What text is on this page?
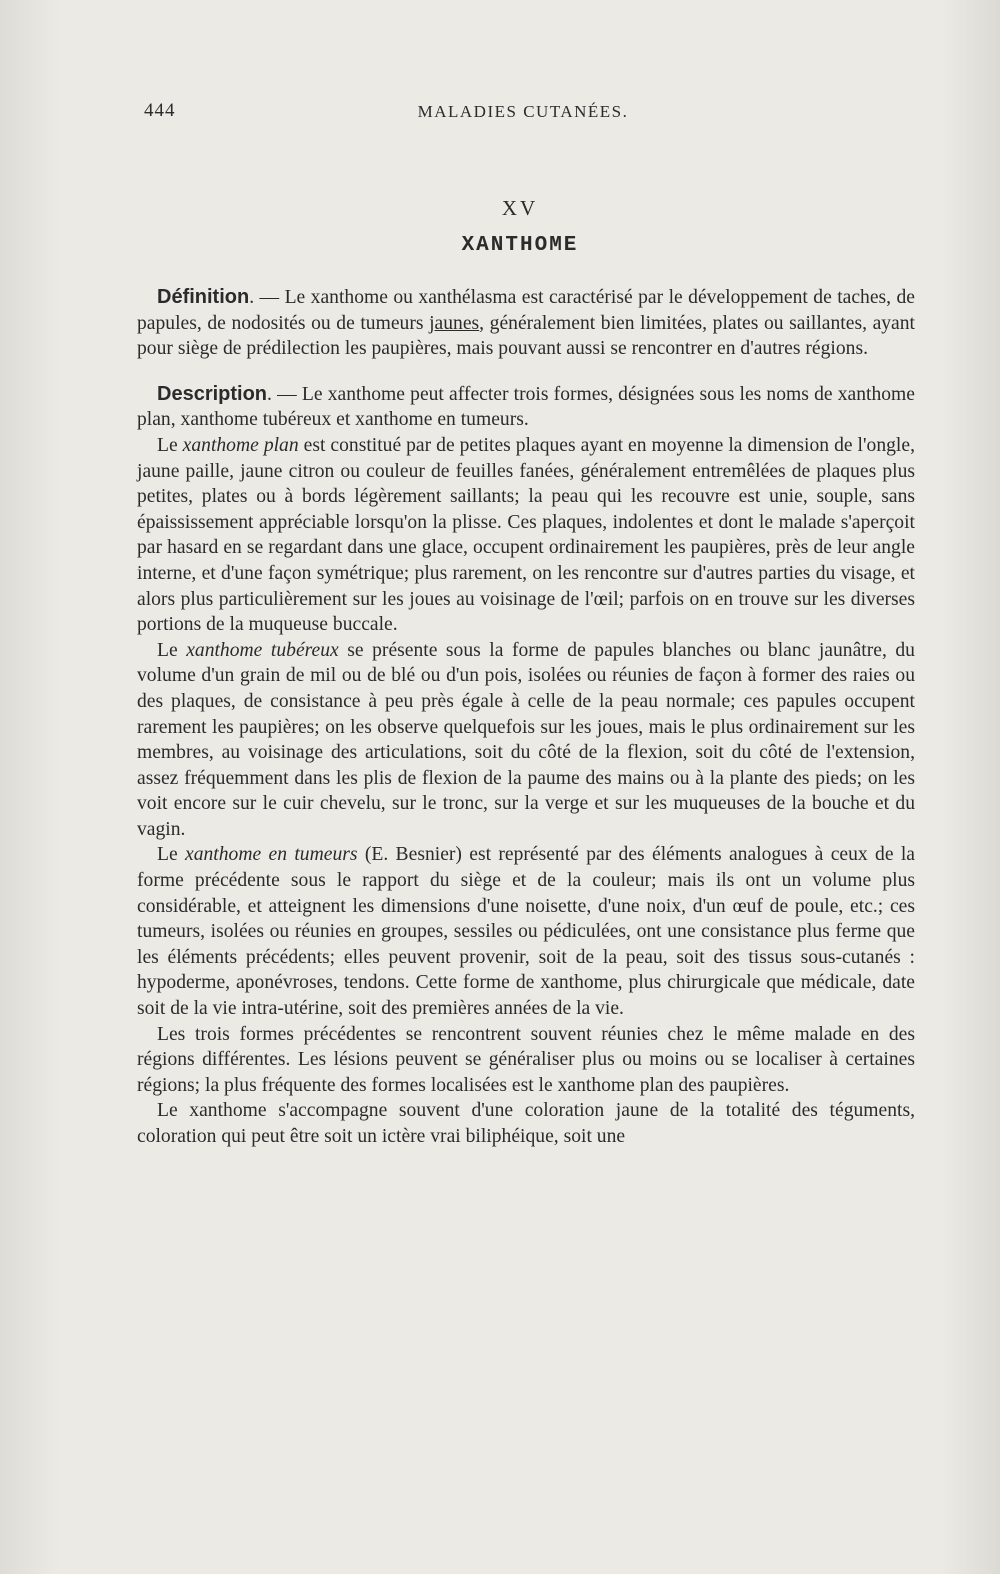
444	MALADIES CUTANÉES.
XV
XANTHOME

Définition. — Le xanthome ou xanthélasma est caractérisé par le développement de taches, de papules, de nodosités ou de tumeurs jaunes, généralement bien limitées, plates ou saillantes, ayant pour siège de prédilection les paupières, mais pouvant aussi se rencontrer en d'autres régions.

Description. — Le xanthome peut affecter trois formes, désignées sous les noms de xanthome plan, xanthome tubéreux et xanthome en tumeurs.

Le xanthome plan est constitué par de petites plaques ayant en moyenne la dimension de l'ongle, jaune paille, jaune citron ou couleur de feuilles fanées, généralement entremêlées de plaques plus petites, plates ou à bords légèrement saillants; la peau qui les recouvre est unie, souple, sans épaississement appréciable lorsqu'on la plisse. Ces plaques, indolentes et dont le malade s'aperçoit par hasard en se regardant dans une glace, occupent ordinairement les paupières, près de leur angle interne, et d'une façon symétrique; plus rarement, on les rencontre sur d'autres parties du visage, et alors plus particulièrement sur les joues au voisinage de l'œil; parfois on en trouve sur les diverses portions de la muqueuse buccale.

Le xanthome tubéreux se présente sous la forme de papules blanches ou blanc jaunâtre, du volume d'un grain de mil ou de blé ou d'un pois, isolées ou réunies de façon à former des raies ou des plaques, de consistance à peu près égale à celle de la peau normale; ces papules occupent rarement les paupières; on les observe quelquefois sur les joues, mais le plus ordinairement sur les membres, au voisinage des articulations, soit du côté de la flexion, soit du côté de l'extension, assez fréquemment dans les plis de flexion de la paume des mains ou à la plante des pieds; on les voit encore sur le cuir chevelu, sur le tronc, sur la verge et sur les muqueuses de la bouche et du vagin.

Le xanthome en tumeurs (E. Besnier) est représenté par des éléments analogues à ceux de la forme précédente sous le rapport du siège et de la couleur; mais ils ont un volume plus considérable, et atteignent les dimensions d'une noisette, d'une noix, d'un œuf de poule, etc.; ces tumeurs, isolées ou réunies en groupes, sessiles ou pédiculées, ont une consistance plus ferme que les éléments précédents; elles peuvent provenir, soit de la peau, soit des tissus sous-cutanés : hypoderme, aponévroses, tendons. Cette forme de xanthome, plus chirurgicale que médicale, date soit de la vie intra-utérine, soit des premières années de la vie.

Les trois formes précédentes se rencontrent souvent réunies chez le même malade en des régions différentes. Les lésions peuvent se généraliser plus ou moins ou se localiser à certaines régions; la plus fréquente des formes localisées est le xanthome plan des paupières.

Le xanthome s'accompagne souvent d'une coloration jaune de la totalité des téguments, coloration qui peut être soit un ictère vrai biliphéique, soit une
